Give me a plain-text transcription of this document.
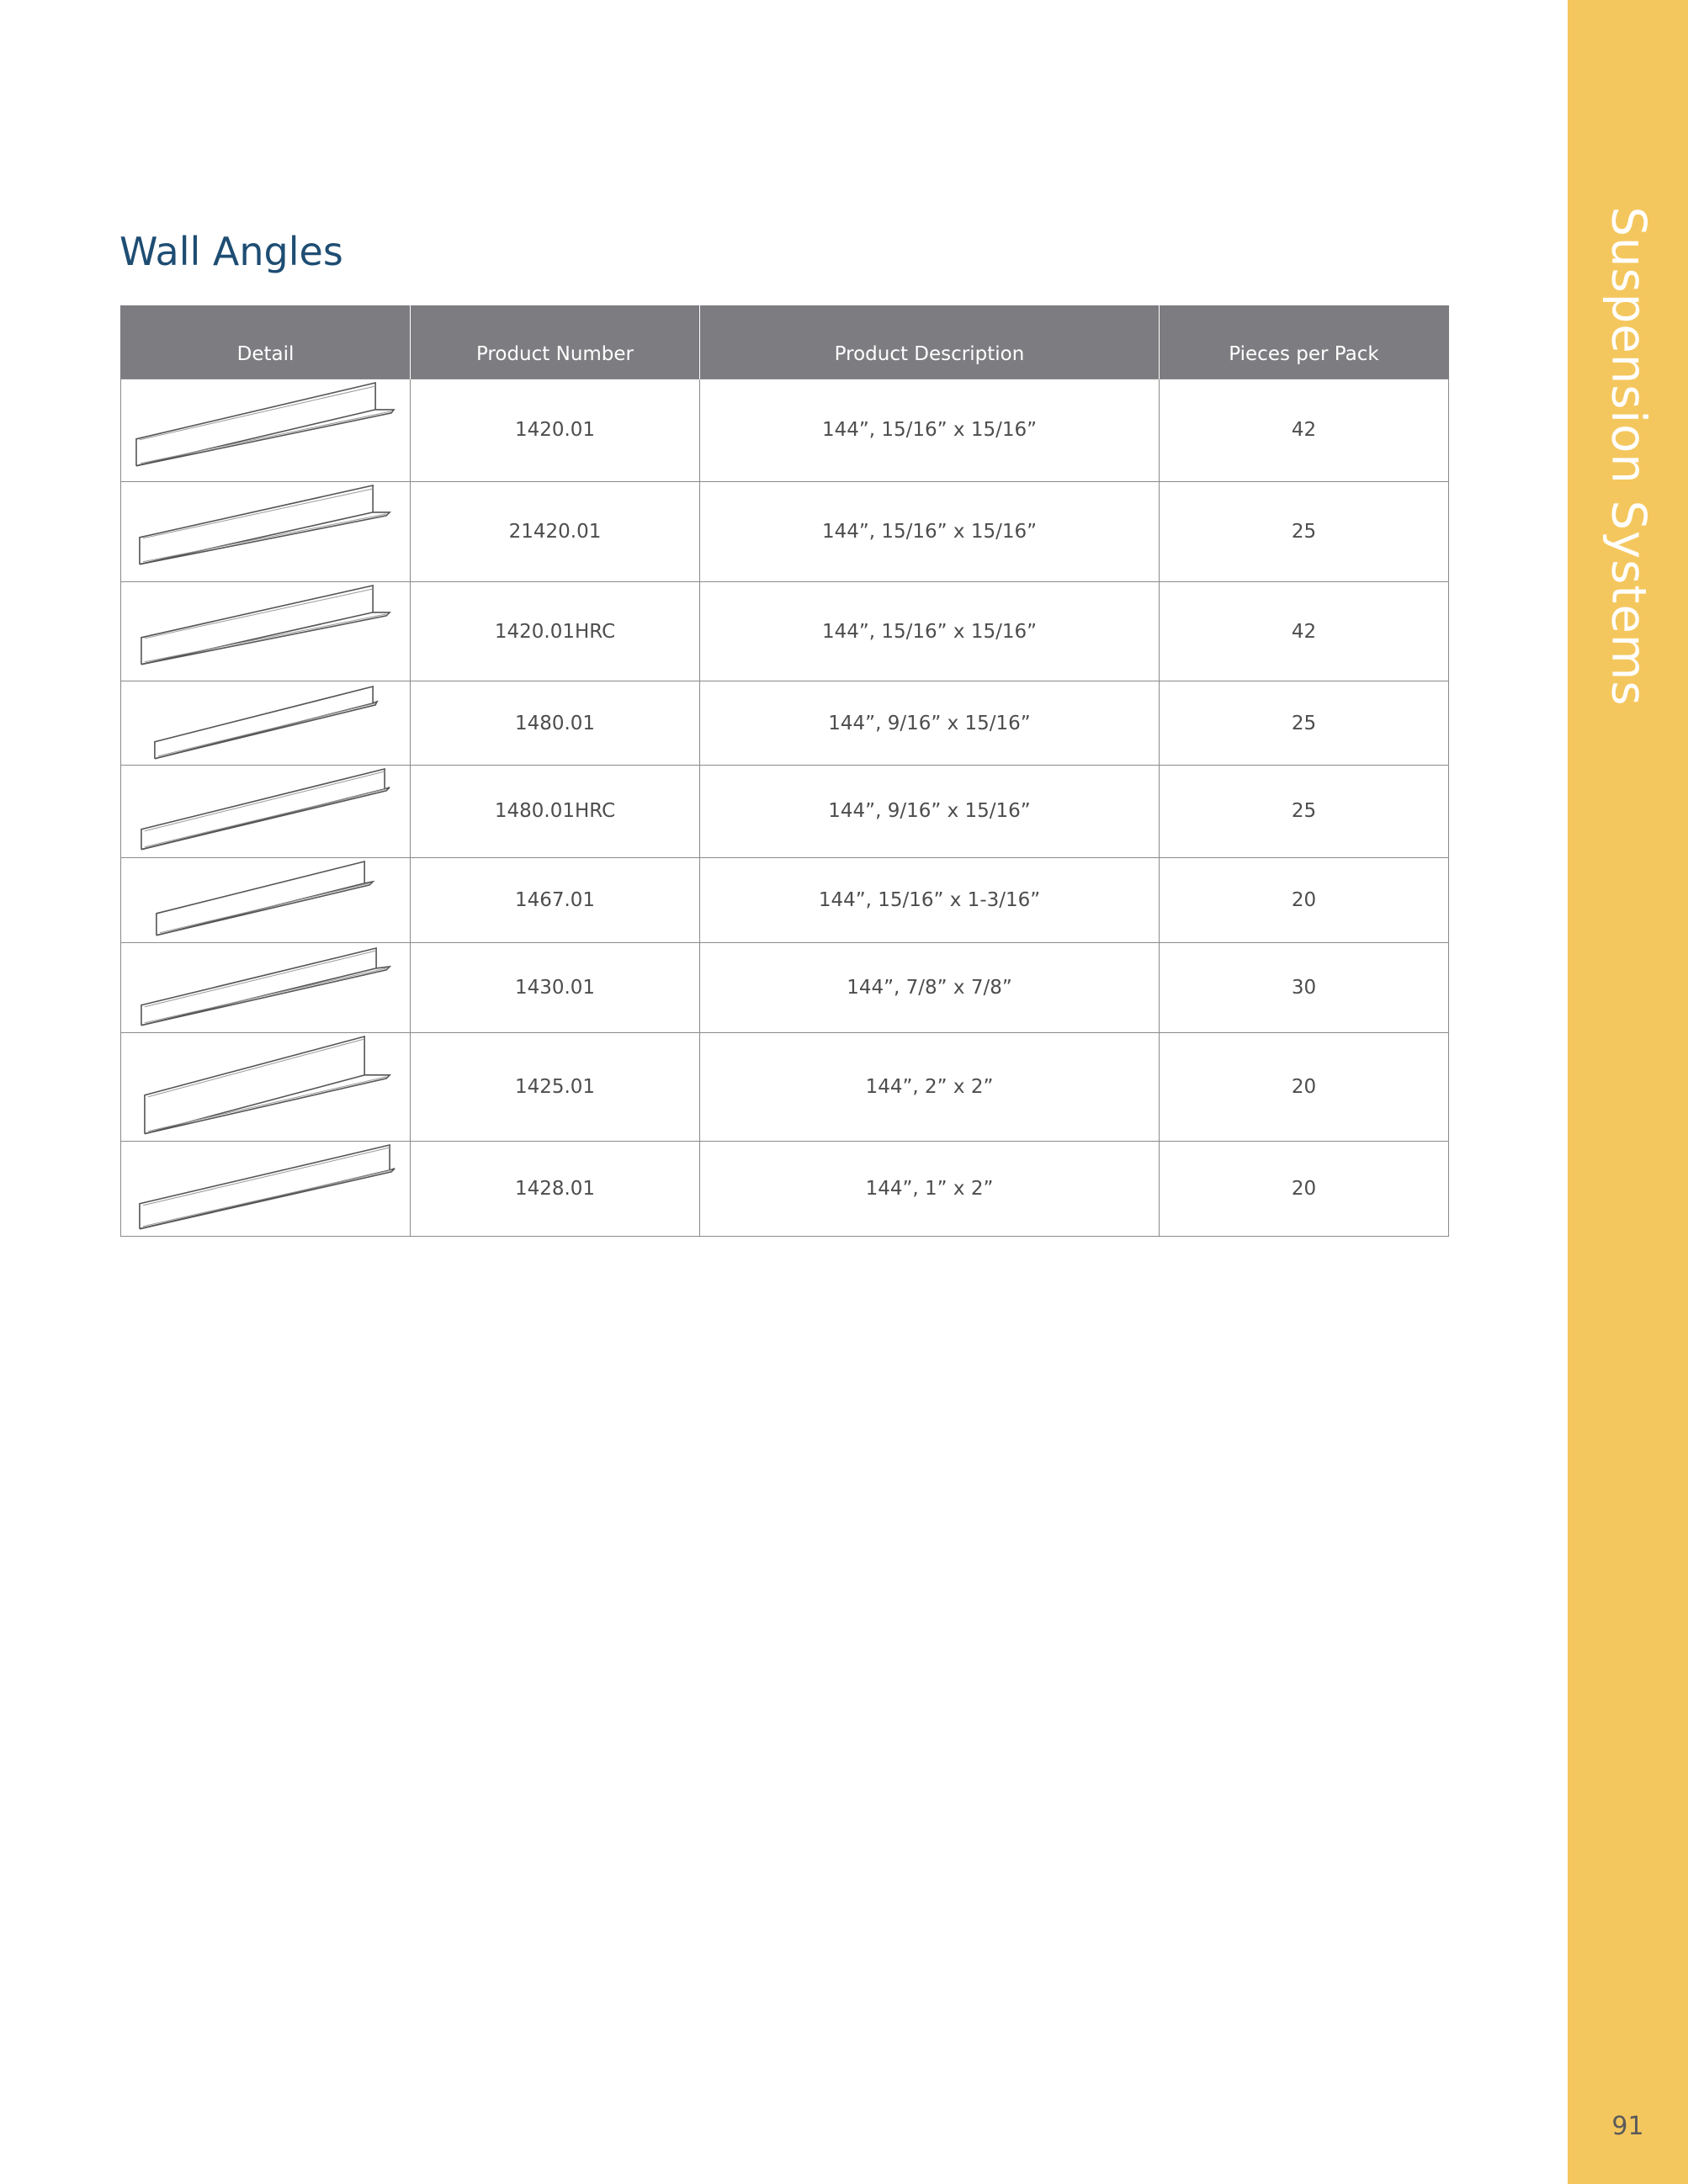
Suspension Systems
91
Wall Angles
Detail	Product Number	Product Description	Pieces per Pack

	1420.01	144”, 15/16” x 15/16”	42

	21420.01	144”, 15/16” x 15/16”	25

	1420.01HRC	144”, 15/16” x 15/16”	42

	1480.01	144”, 9/16” x 15/16”	25

	1480.01HRC	144”, 9/16” x 15/16”	25

	1467.01	144”, 15/16” x 1-3/16”	20

	1430.01	144”, 7/8” x 7/8”	30

	1425.01	144”, 2” x 2”	20

	1428.01	144”, 1” x 2”	20
